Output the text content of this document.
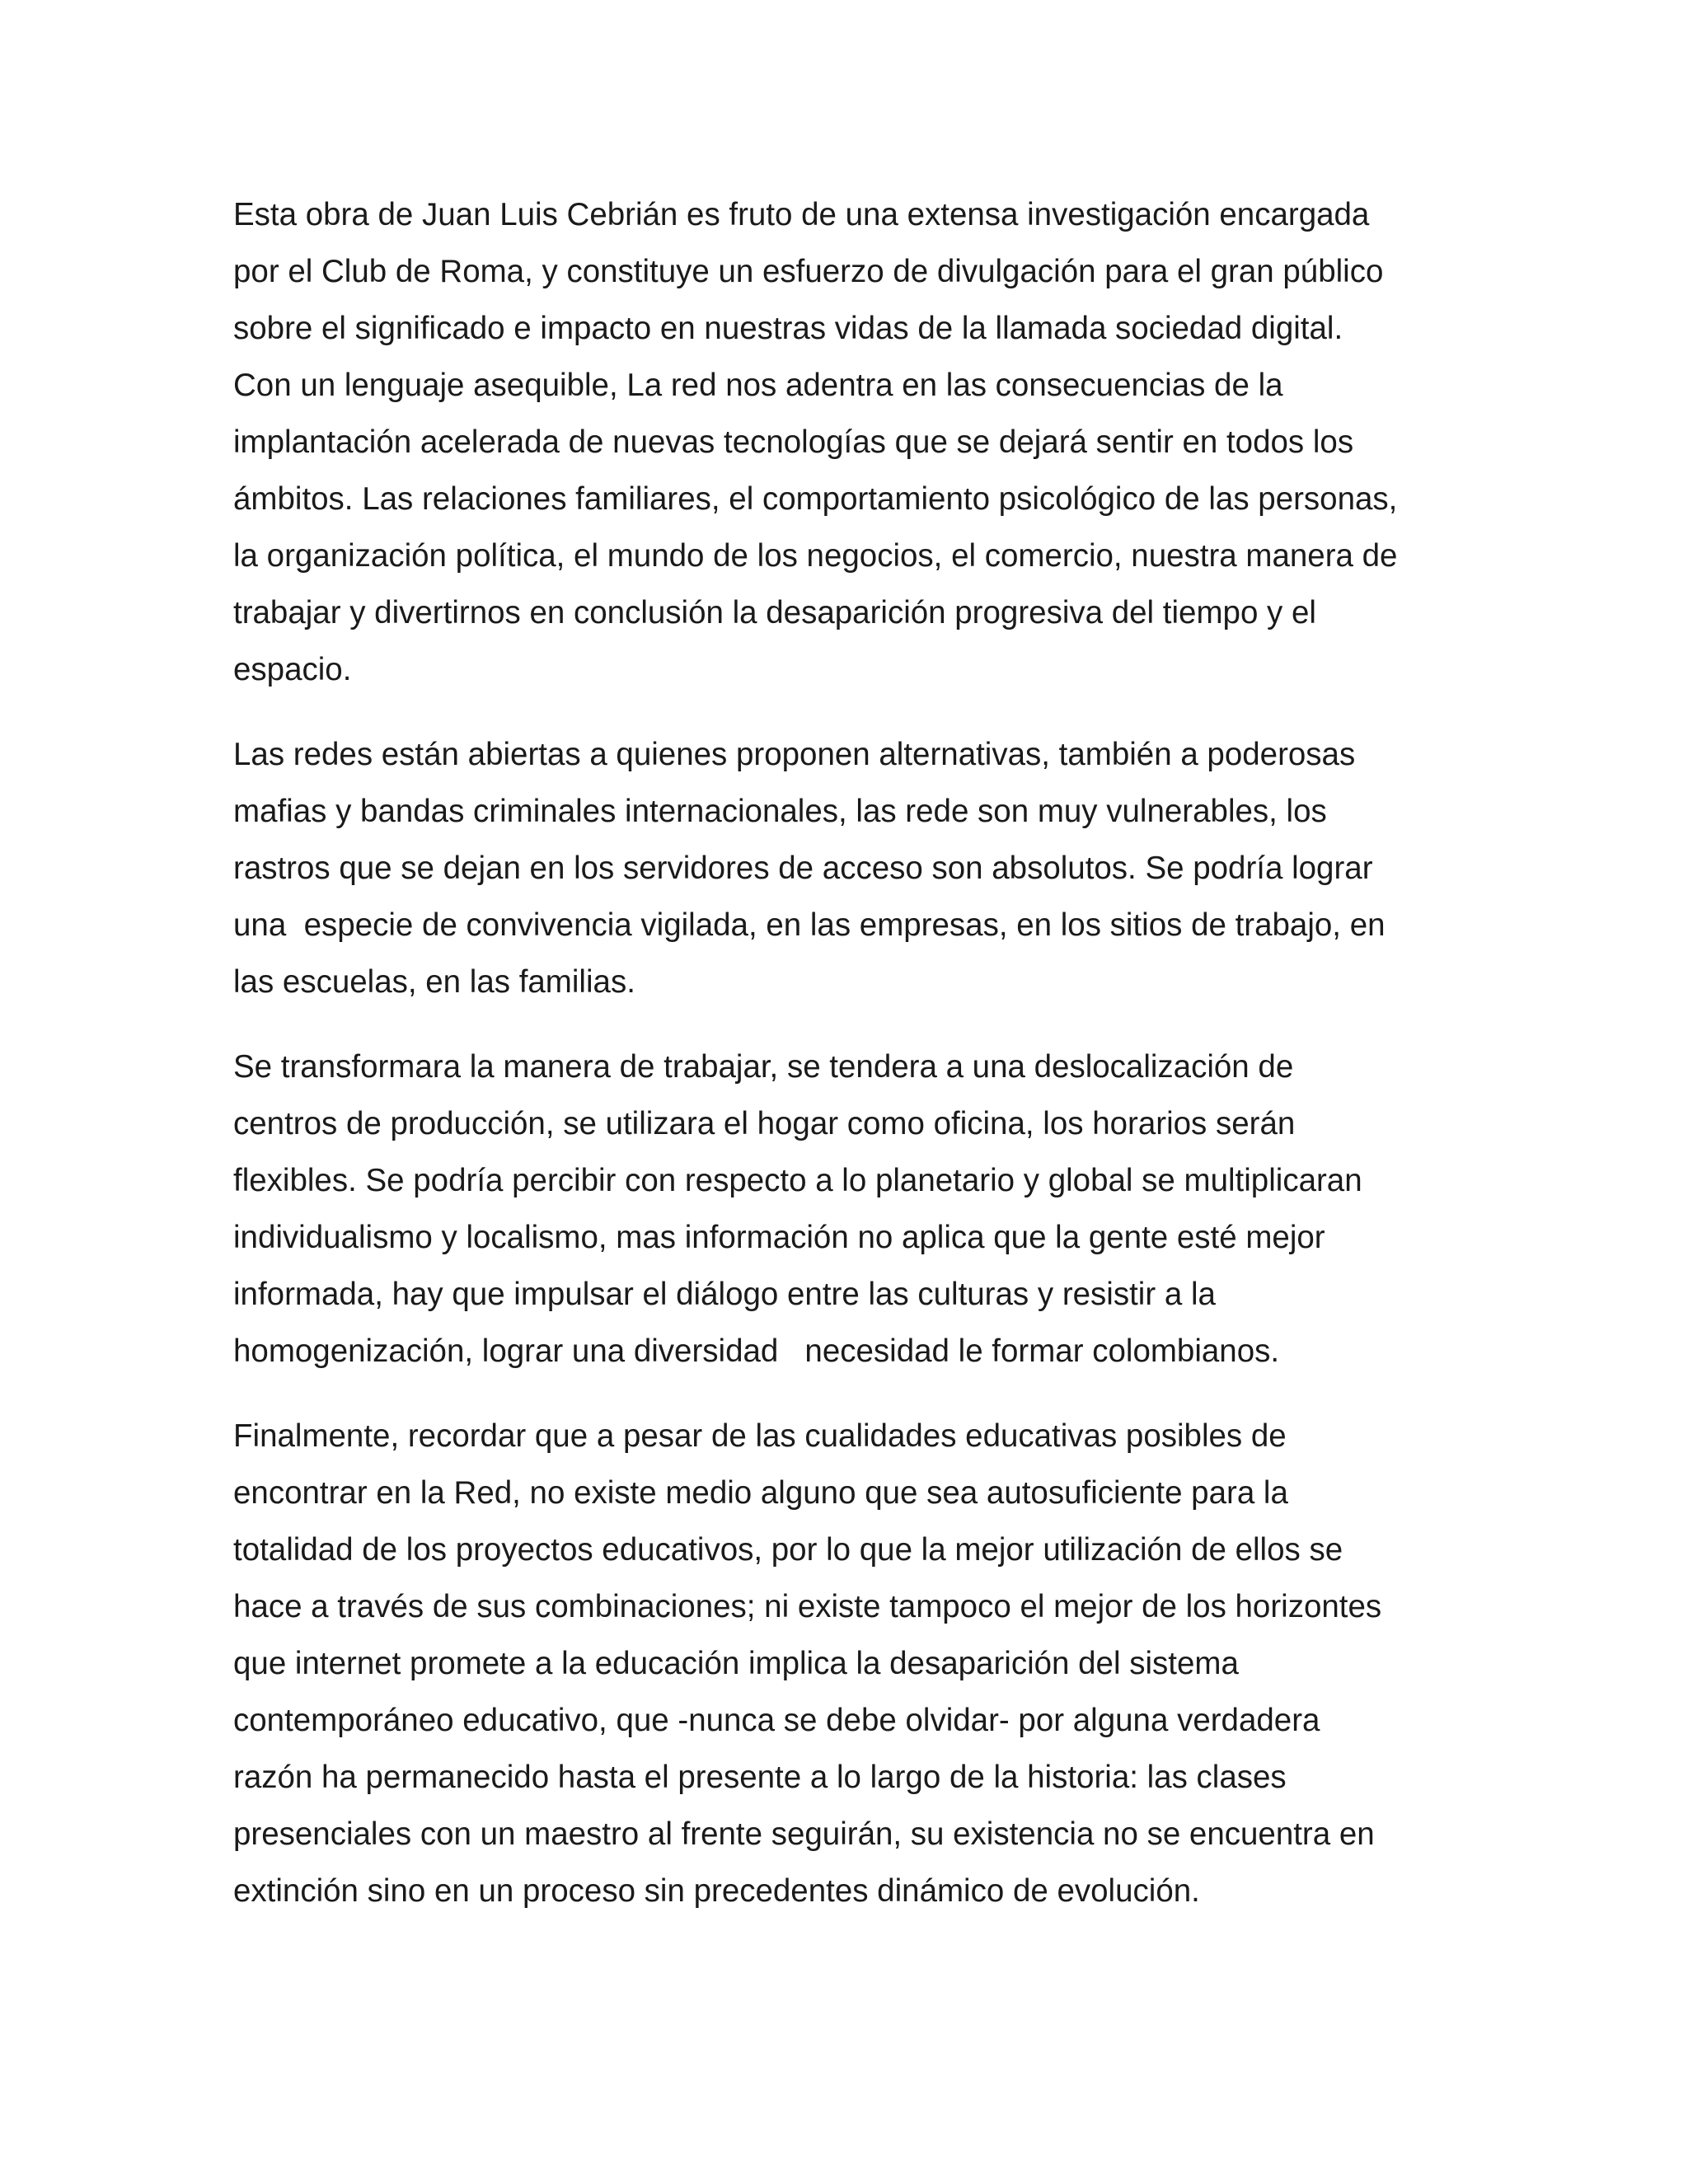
Esta obra de Juan Luis Cebrián es fruto de una extensa investigación encargada
por el Club de Roma, y constituye un esfuerzo de divulgación para el gran público
sobre el significado e impacto en nuestras vidas de la llamada sociedad digital.
Con un lenguaje asequible, La red nos adentra en las consecuencias de la
implantación acelerada de nuevas tecnologías que se dejará sentir en todos los
ámbitos. Las relaciones familiares, el comportamiento psicológico de las personas,
la organización política, el mundo de los negocios, el comercio, nuestra manera de
trabajar y divertirnos en conclusión la desaparición progresiva del tiempo y el
espacio.

Las redes están abiertas a quienes proponen alternativas, también a poderosas
mafias y bandas criminales internacionales, las rede son muy vulnerables, los
rastros que se dejan en los servidores de acceso son absolutos. Se podría lograr
una  especie de convivencia vigilada, en las empresas, en los sitios de trabajo, en
las escuelas, en las familias.

Se transformara la manera de trabajar, se tendera a una deslocalización de
centros de producción, se utilizara el hogar como oficina, los horarios serán
flexibles. Se podría percibir con respecto a lo planetario y global se multiplicaran
individualismo y localismo, mas información no aplica que la gente esté mejor
informada, hay que impulsar el diálogo entre las culturas y resistir a la
homogenización, lograr una diversidad   necesidad le formar colombianos.

Finalmente, recordar que a pesar de las cualidades educativas posibles de
encontrar en la Red, no existe medio alguno que sea autosuficiente para la
totalidad de los proyectos educativos, por lo que la mejor utilización de ellos se
hace a través de sus combinaciones; ni existe tampoco el mejor de los horizontes
que internet promete a la educación implica la desaparición del sistema
contemporáneo educativo, que -nunca se debe olvidar- por alguna verdadera
razón ha permanecido hasta el presente a lo largo de la historia: las clases
presenciales con un maestro al frente seguirán, su existencia no se encuentra en
extinción sino en un proceso sin precedentes dinámico de evolución.
